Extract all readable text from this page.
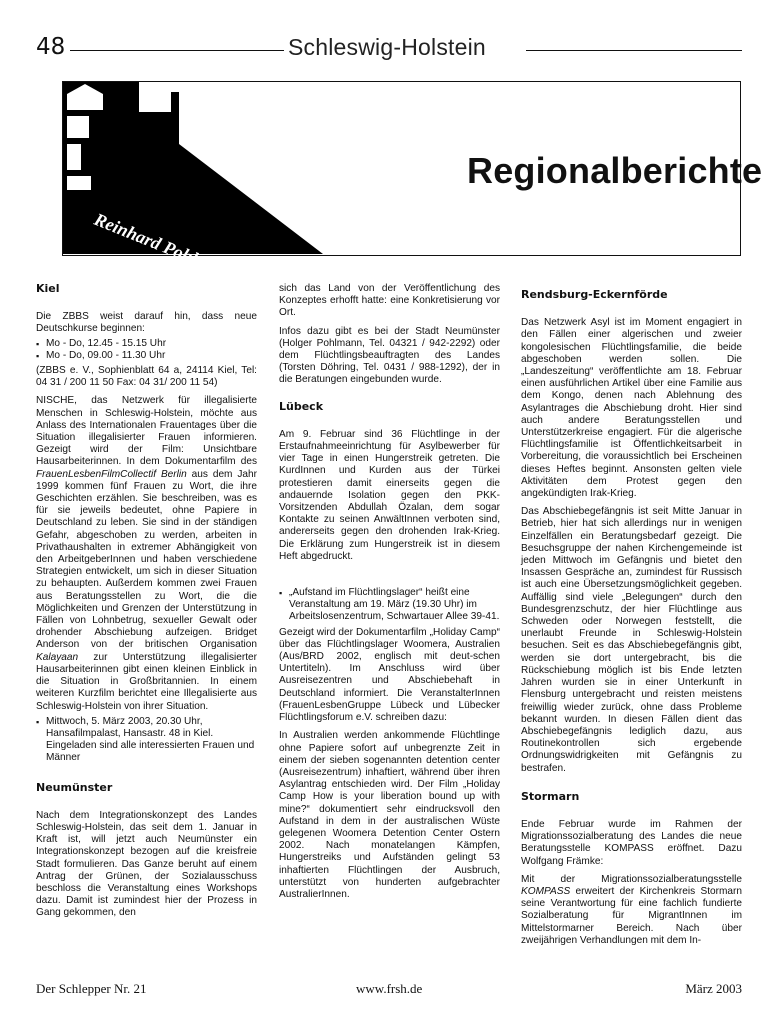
48	Schleswig-Holstein
Regionalberichte
Reinhard Pohl
Kiel

Die ZBBS weist darauf hin, dass neue Deutschkurse beginnen:

▪ Mo - Do, 12.45 - 15.15 Uhr
▪ Mo - Do, 09.00 - 11.30 Uhr

(ZBBS e. V., Sophienblatt 64 a, 24114 Kiel, Tel: 04 31 / 200 11 50 Fax: 04 31/ 200 11 54)

NISCHE, das Netzwerk für illegalisierte Menschen in Schleswig-Holstein, möchte aus Anlass des Internationalen Frauentages über die Situation illegalisierter Frauen informieren. Gezeigt wird der Film: Unsichtbare Hausarbeiterinnen. In dem Dokumentarfilm des FrauenLesbenFilmCollectif Berlin aus dem Jahr 1999 kommen fünf Frauen zu Wort, die ihre Geschichten erzählen. Sie beschreiben, was es für sie jeweils bedeutet, ohne Papiere in Deutschland zu leben. Sie sind in der ständigen Gefahr, abgeschoben zu werden, arbeiten in Privathaushalten in extremer Abhängigkeit von den ArbeitgeberInnen und haben verschiedene Strategien entwickelt, um sich in dieser Situation zu behaupten. Außerdem kommen zwei Frauen aus Beratungsstellen zu Wort, die die Möglichkeiten und Grenzen der Unterstützung in Fällen von Lohnbetrug, sexueller Gewalt oder drohender Abschiebung aufzeigen. Bridget Anderson von der britischen Organisation Kalayaan zur Unterstützung illegalisierter Hausarbeiterinnen gibt einen kleinen Einblick in die Situation in Großbritannien. In einem weiteren Kurzfilm berichtet eine Illegalisierte aus Schleswig-Holstein von ihrer Situation.

▪ Mittwoch, 5. März 2003, 20.30 Uhr, Hansafilmpalast, Hansastr. 48 in Kiel. Eingeladen sind alle interessierten Frauen und Männer
Neumünster

Nach dem Integrationskonzept des Landes Schleswig-Holstein, das seit dem 1. Januar in Kraft ist, will jetzt auch Neumünster ein Integrationskonzept bezogen auf die kreisfreie Stadt formulieren. Das Ganze beruht auf einem Antrag der Grünen, der Sozialausschuss beschloss die Veranstaltung eines Workshops dazu. Damit ist zumindest hier der Prozess in Gang gekommen, den

sich das Land von der Veröffentlichung des Konzeptes erhofft hatte: eine Konkretisierung vor Ort.

Infos dazu gibt es bei der Stadt Neumünster (Holger Pohlmann, Tel. 04321 / 942-2292) oder dem Flüchtlingsbeauftragten des Landes (Torsten Döhring, Tel. 0431 / 988-1292), der in die Beratungen eingebunden wurde.

Lübeck

Am 9. Februar sind 36 Flüchtlinge in der Erstaufnahmeeinrichtung für Asylbewerber für vier Tage in einen Hungerstreik getreten. Die KurdInnen und Kurden aus der Türkei protestieren damit einerseits gegen die andauernde Isolation gegen den PKK-Vorsitzenden Abdullah Özalan, dem sogar Kontakte zu seinen AnwältInnen verboten sind, andererseits gegen den drohenden Irak-Krieg. Die Erklärung zum Hungerstreik ist in diesem Heft abgedruckt.

▪ „Aufstand im Flüchtlingslager“ heißt eine Veranstaltung am 19. März (19.30 Uhr) im Arbeitslosenzentrum, Schwartauer Allee 39-41.

Gezeigt wird der Dokumentarfilm „Holiday Camp“ über das Flüchtlingslager Woomera, Australien (Aus/BRD 2002, englisch mit deut-schen Untertiteln). Im Anschluss wird über Ausreisezentren und Abschiebehaft in Deutschland informiert. Die VeranstalterInnen (FrauenLesbenGruppe Lübeck und Lübecker Flüchtlingsforum e.V. schreiben dazu:

In Australien werden ankommende Flüchtlinge ohne Papiere sofort auf unbegrenzte Zeit in einem der sieben sogenannten detention center (Ausreisezentrum) inhaftiert, während über ihren Asylantrag entschieden wird. Der Film „Holiday Camp How is your liberation bound up with mine?“ dokumentiert sehr eindrucksvoll den Aufstand in dem in der australischen Wüste gelegenen Woomera Detention Center Ostern 2002. Nach monatelangen Kämpfen, Hungerstreiks und Aufständen gelingt 53 inhaftierten Flüchtlingen der Ausbruch, unterstützt von hunderten aufgebrachter AustralierInnen.

Rendsburg-Eckernförde

Das Netzwerk Asyl ist im Moment engagiert in den Fällen einer algerischen und zweier kongolesischen Flüchtlingsfamilie, die beide abgeschoben werden sollen. Die „Landeszeitung“ veröffentlichte am 18. Februar einen ausführlichen Artikel über eine Familie aus dem Kongo, denen nach Ablehnung des Asylantrages die Abschiebung droht. Hier sind auch andere Beratungsstellen und Unterstützerkreise engagiert. Für die algerische Flüchtlingsfamilie ist Öffentlichkeitsarbeit in Vorbereitung, die voraussichtlich bei Erscheinen dieses Heftes beginnt. Ansonsten gelten viele Aktivitäten dem Protest gegen den angekündigten Irak-Krieg.

Das Abschiebegefängnis ist seit Mitte Januar in Betrieb, hier hat sich allerdings nur in wenigen Einzelfällen ein Beratungsbedarf gezeigt. Die Besuchsgruppe der nahen Kirchengemeinde ist jeden Mittwoch im Gefängnis und bietet den Insassen Gespräche an, zumindest für Russisch ist auch eine Übersetzungsmöglichkeit gegeben. Auffällig sind viele „Belegungen“ durch den Bundesgrenzschutz, der hier Flüchtlinge aus Schweden oder Norwegen feststellt, die unerlaubt Freunde in Schleswig-Holstein besuchen. Seit es das Abschiebegefängnis gibt, werden sie dort untergebracht, bis die Rückschiebung möglich ist bis Ende letzten Jahren wurden sie in einer Unterkunft in Flensburg untergebracht und reisten meistens freiwillig wieder zurück, ohne dass Probleme bekannt wurden. In diesen Fällen dient das Abschiebegefängnis lediglich dazu, aus Routinekontrollen sich ergebende Ordnungswidrigkeiten mit Gefängnis zu bestrafen.

Stormarn

Ende Februar wurde im Rahmen der Migrationssozialberatung des Landes die neue Beratungsstelle KOMPASS eröffnet. Dazu Wolfgang Främke:

Mit der Migrationssozialberatungsstelle KOMPASS erweitert der Kirchenkreis Stormarn seine Verantwortung für eine fachlich fundierte Sozialberatung für MigrantInnen im Mittelstormarner Bereich. Nach über zweijährigen Verhandlungen mit dem In-

Der Schlepper Nr. 21	www.frsh.de	März 2003
